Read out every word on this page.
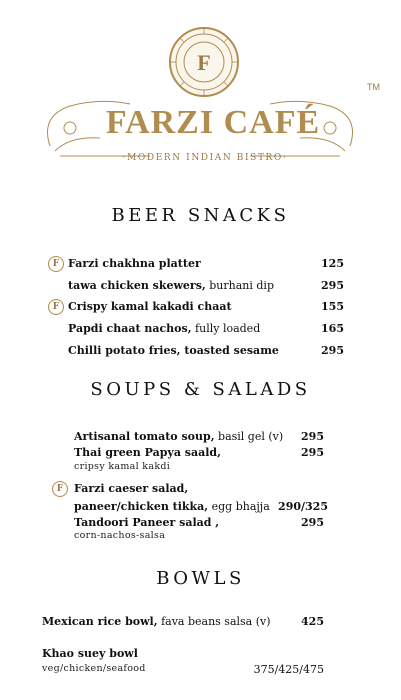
F
FARZI CAFÉ
TM
·MODERN INDIAN BISTRO·
BEER SNACKS
F Farzi chakhna platter	125
tawa chicken skewers, burhani dip	295
F Crispy kamal kakadi chaat	155
Papdi chaat nachos, fully loaded	165
Chilli potato fries, toasted sesame	295
SOUPS & SALADS
Artisanal tomato soup, basil gel (v)	295
Thai green Papya saald,	295
cripsy kamal kakdi
F Farzi caeser salad,
paneer/chicken tikka, egg bhajja 290/325
Tandoori Paneer salad ,	295
corn-nachos-salsa
BOWLS
Mexican rice bowl, fava beans salsa (v)	425
Khao suey bowl
veg/chicken/seafood	375/425/475
